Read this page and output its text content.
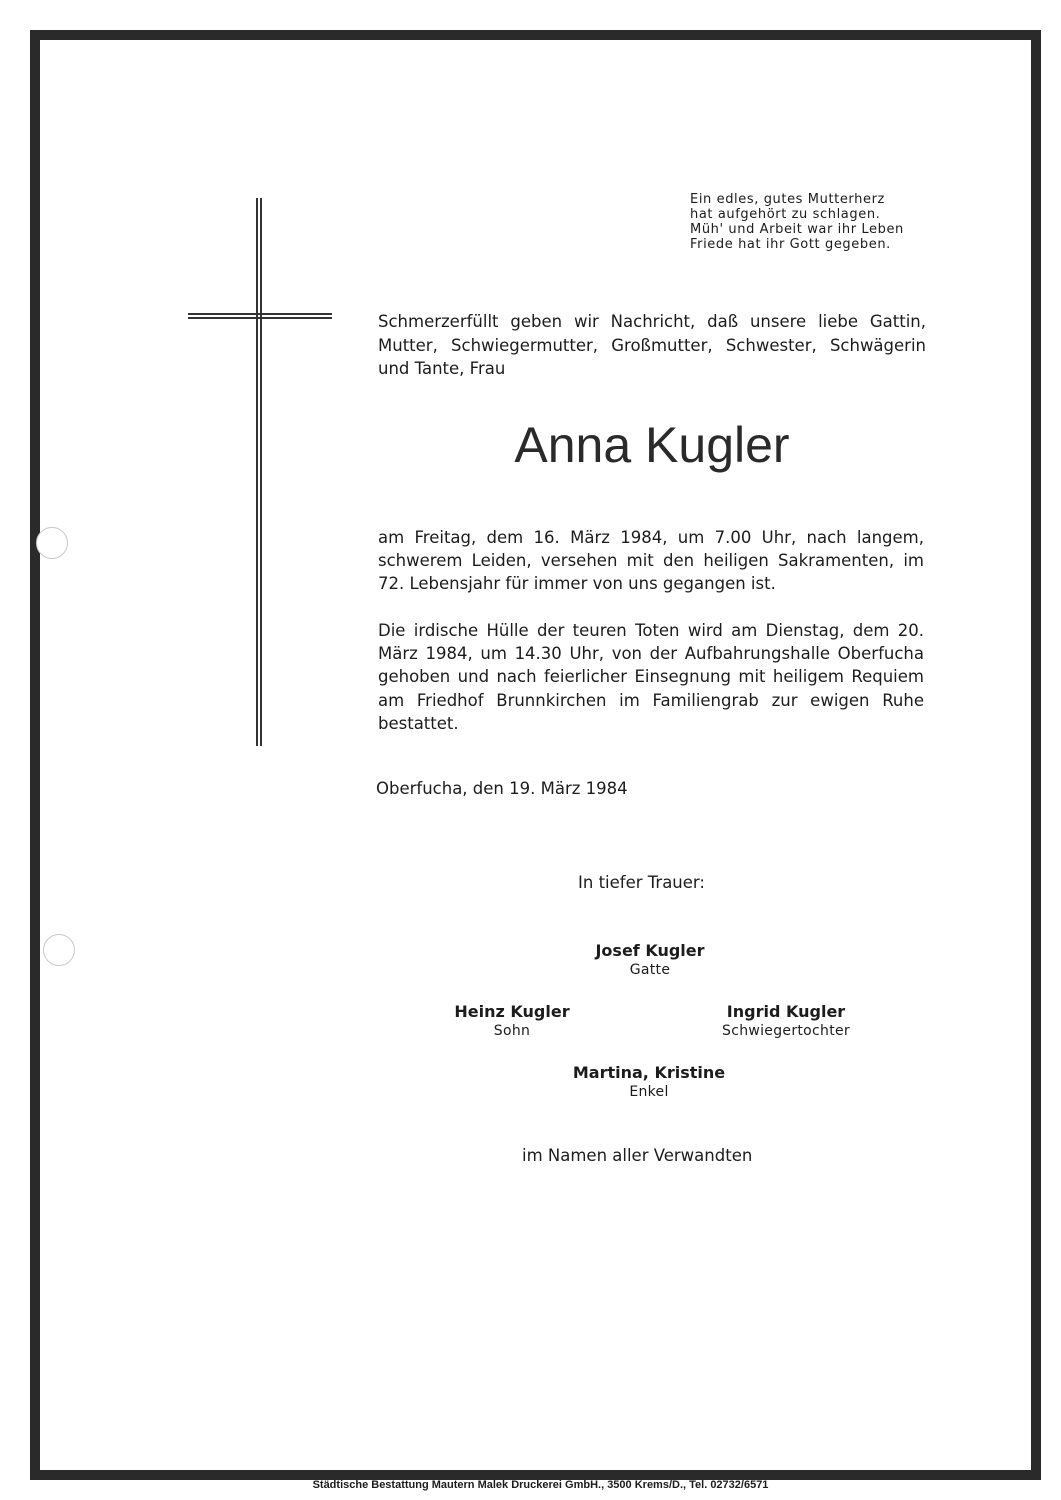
Ein edles, gutes Mutterherz
hat aufgehört zu schlagen.
Müh' und Arbeit war ihr Leben
Friede hat ihr Gott gegeben.
Schmerzerfüllt geben wir Nachricht, daß unsere liebe Gattin, Mutter, Schwiegermutter, Großmutter, Schwester, Schwägerin und Tante, Frau
Anna Kugler
am Freitag, dem 16. März 1984, um 7.00 Uhr, nach langem, schwerem Leiden, versehen mit den heiligen Sakramenten, im 72. Lebensjahr für immer von uns gegangen ist.
Die irdische Hülle der teuren Toten wird am Dienstag, dem 20. März 1984, um 14.30 Uhr, von der Aufbahrungshalle Oberfucha gehoben und nach feierlicher Einsegnung mit heiligem Requiem am Friedhof Brunnkirchen im Familiengrab zur ewigen Ruhe bestattet.
Oberfucha, den 19. März 1984
In tiefer Trauer:
Josef Kugler
Gatte
Heinz Kugler
Sohn
Ingrid Kugler
Schwiegertochter
Martina, Kristine
Enkel
im Namen aller Verwandten
Städtische Bestattung Mautern Malek Druckerei GmbH., 3500 Krems/D., Tel. 02732/6571
